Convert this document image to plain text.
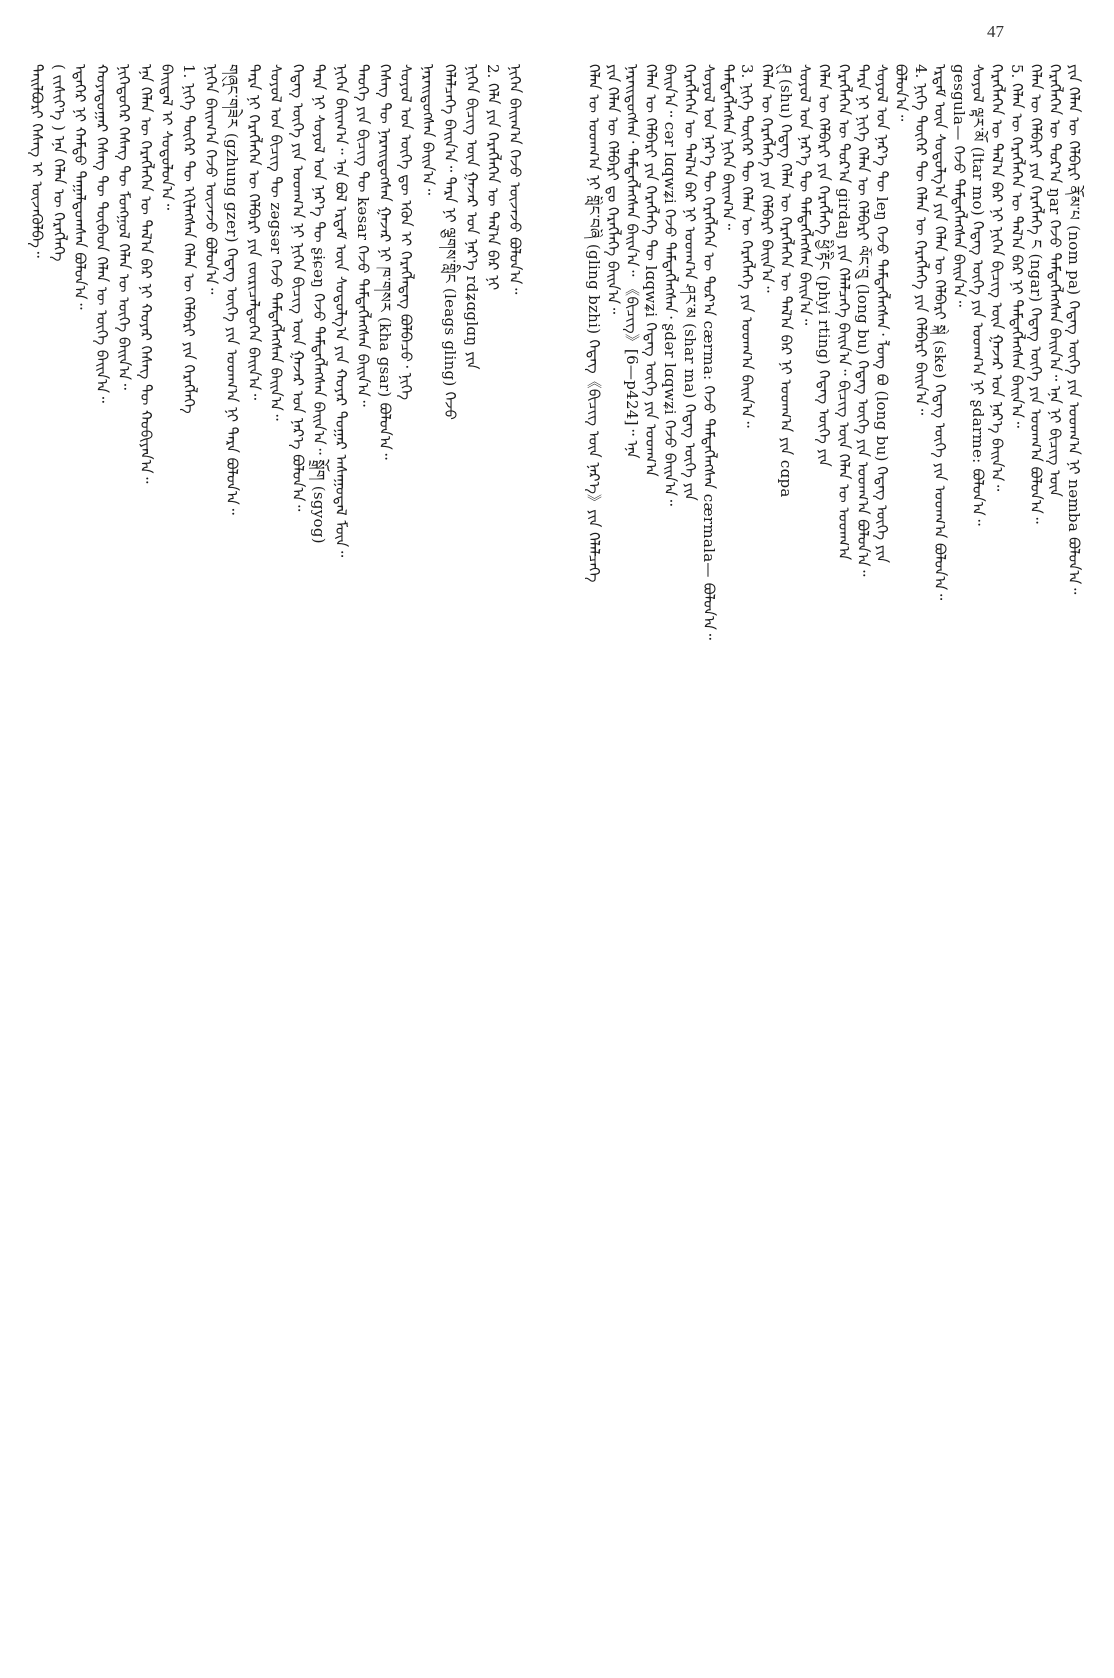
47
ᠨᠢᠭᠡᠨ ᠪᠠᠢᠭ᠎ᠠ ᠭᠡᠵᠦ ᠦᠵᠡᠵᠦ ᠪᠣᠯᠤᠨ᠎ᠠ᠃
2. ᠬᠡᠯᠡ ᠶᠢᠨ ᠬᠡᠷᠡᠭᠯᠡᠭᠡᠨ ᠦ ᠲᠠᠯ᠎ᠠ ᠪᠠᠷ ᠨᠢ
ᠨᠢᠭᠡᠨ ᠪᠢᠴᠢᠭ ᠦᠨ ᠭᠠᠵᠠᠷ ᠤᠨ ᠨᠡᠷ᠎ᠡ rdʑɑglɑŋ ᠶᠢᠨ
ᠬᠡᠯᠡᠯᠴᠡᠭᠡ ᠪᠠᠢᠨ᠎ᠠ᠃ ᠲᠡᠷᠡ ᠨᠢ ལྕགས་གླིང (leags gling) ᠭᠡᠵᠦ
ᠨᠡᠷᠡᠢᠳᠦᠭᠰᠡᠨ ᠪᠠᠢᠨ᠎ᠠ᠃
ᠰᠣᠶᠣᠯ ᠤᠨ ᠦᠭᠡ ᠳᠦ ᠡᠭᠦᠨ ᠢ ᠬᠡᠷᠡᠭᠯᠡᠳᠡᠭ ᠪᠣᠯᠪᠠᠴᠤ᠂ ᠨᠢᠭᠡ
ᠬᠡᠰᠡᠭ ᠲᠦ ᠨᠡᠷᠡᠢᠳᠦᠭᠰᠡᠨ ᠭᠠᠵᠠᠷ ᠨᠢ ཁ་གསར (kha gsar) ᠪᠣᠯᠤᠨ᠎ᠠ᠃
ᠲᠡᠦᠬᠡ ᠶᠢᠨ ᠪᠢᠴᠢᠭ ᠲᠦ kəsar ᠭᠡᠵᠦ ᠲᠡᠮᠳᠡᠭᠯᠡᠭᠰᠡᠨ ᠪᠠᠢᠨ᠎ᠠ᠃
ᠨᠢᠭᠡᠨ ᠪᠠᠢᠭ᠎ᠠ᠃ ᠡᠨᠡ ᠪᠣᠯ ᠡᠷᠳᠡᠮ ᠦᠨ ᠰᠤᠳᠤᠯᠭ᠎ᠠ ᠶᠢᠨ ᠬᠣᠶᠠᠷ ᠳᠤᠭᠠᠷ ᠠᠰᠠᠭᠤᠳᠠᠯ ᠮᠥᠨ᠃
ᠲᠡᠷᠡ ᠨᠢ ᠰᠣᠶᠣᠯ ᠤᠨ ᠨᠡᠷ᠎ᠡ ᠲᠦ ʂɨɕəŋ ᠭᠡᠵᠦ ᠲᠡᠮᠳᠡᠭᠯᠡᠭᠰᠡᠨ ᠪᠠᠢᠨ᠎ᠠ᠃ སྒྲོག (sgyog)
ᠭᠡᠳᠡᠭ ᠦᠭᠡ ᠶᠢᠨ ᠤᠳᠬ᠎ᠠ ᠨᠢ ᠨᠢᠭᠡᠨ ᠪᠢᠴᠢᠭ ᠦᠨ ᠭᠠᠵᠠᠷ ᠤᠨ ᠨᠡᠷ᠎ᠡ ᠪᠣᠯᠤᠨ᠎ᠠ᠃
ᠰᠣᠶᠣᠯ ᠤᠨ ᠪᠢᠴᠢᠭ ᠲᠦ zəgsər ᠭᠡᠵᠦ ᠲᠡᠮᠳᠡᠭᠯᠡᠭᠰᠡᠨ ᠪᠠᠢᠨ᠎ᠠ᠃
ᠲᠡᠷᠡ ᠨᠢ ᠬᠡᠷᠡᠭᠯᠡᠭᠡᠨ ᠦ ᠬᠡᠯᠪᠡᠷᠢ ᠶᠢᠨ ᠵᠥᠷᠢᠴᠡᠯᠳᠦᠭᠡᠨ ᠪᠠᠢᠨ᠎ᠠ᠃
གཞུང་གཟེར (gzhung gzer) ᠭᠡᠳᠡᠭ ᠦᠭᠡ ᠶᠢᠨ ᠤᠳᠬ᠎ᠠ ᠨᠢ ᠲᠡᠷᠡ ᠪᠣᠯᠤᠨ᠎ᠠ᠃
ᠨᠢᠭᠡᠨ ᠪᠠᠢᠭ᠎ᠠ ᠭᠡᠵᠦ ᠦᠵᠡᠵᠦ ᠪᠣᠯᠤᠨ᠎ᠠ᠃
1. ᠨᠢᠭᠡ ᠳᠦᠭᠡᠷ ᠲᠦ ᠡᠬᠢᠯᠡᠭᠰᠡᠨ ᠬᠡᠯᠡᠨ ᠦ ᠬᠡᠯᠪᠡᠷᠢ ᠶᠢᠨ ᠬᠡᠷᠡᠭᠯᠡᠭᠡ
ᠪᠠᠢᠳᠠᠯ ᠢ ᠰᠤᠳᠤᠯᠤᠨ᠎ᠠ᠃
ᠡᠨᠡ ᠬᠡᠯᠡᠨ ᠦ ᠬᠡᠷᠡᠭᠯᠡᠭᠡᠨ ᠦ ᠲᠠᠯ᠎ᠠ ᠪᠠᠷ ᠨᠢ ᠬᠣᠶᠠᠷ ᠬᠡᠰᠡᠭ ᠲᠦ ᠬᠤᠪᠢᠶᠠᠨ᠎ᠠ᠃
ᠨᠢᠭᠡᠳᠦᠭᠡᠷ ᠬᠡᠰᠡᠭ ᠲᠦ ᠮᠣᠩᠭᠣᠯ ᠬᠡᠯᠡᠨ ᠦ ᠦᠭᠡ ᠪᠠᠢᠨ᠎ᠠ᠃
ᠬᠣᠶᠠᠳᠤᠭᠠᠷ ᠬᠡᠰᠡᠭ ᠲᠦ ᠲᠥᠪᠡᠳ ᠬᠡᠯᠡᠨ ᠦ ᠦᠭᠡ ᠪᠠᠢᠨ᠎ᠠ᠃
ᠡᠳᠡᠭᠡᠷ ᠨᠢ ᠬᠠᠮᠲᠤ ᠳᠠᠭᠠᠯᠳᠤᠭᠰᠠᠨ ᠪᠣᠯᠤᠨ᠎ᠠ᠃
( ᠵᠢᠱᠢᠶ᠎ᠡ ) ᠡᠨᠡ ᠬᠡᠯᠡᠨ ᠦ ᠬᠡᠷᠡᠭᠯᠡᠭᠡ
ᠲᠠᠢᠯᠪᠤᠷᠢ ᠬᠡᠰᠡᠭ ᠢ ᠦᠵᠡᠭᠦᠯᠪᠡ᠃	ᠶᠢᠨ ᠬᠡᠯᠡᠨ ᠦ ᠬᠡᠯᠪᠡᠷᠢ ནོམ་པ (nom pa) ᠭᠡᠳᠡᠭ ᠦᠭᠡ ᠶᠢᠨ ᠤᠳᠬ᠎ᠠ ᠨᠢ nəmba ᠪᠣᠯᠤᠨ᠎ᠠ᠃
ᠬᠡᠷᠡᠭᠯᠡᠭᠡᠨ ᠦ ᠳᠤᠷ᠎ᠠ ŋar ᠭᠡᠵᠦ ᠲᠡᠮᠳᠡᠭᠯᠡᠭᠰᠡᠨ ᠪᠠᠢᠨ᠎ᠠ᠃ ᠡᠨᠡ ᠨᠢ ᠪᠢᠴᠢᠭ ᠦᠨ
ᠬᠡᠯᠡᠨ ᠦ ᠬᠡᠯᠪᠡᠷᠢ ᠶᠢᠨ ᠬᠡᠷᠡᠭᠯᠡᠭᠡ ང (ngar) ᠭᠡᠳᠡᠭ ᠦᠭᠡ ᠶᠢᠨ ᠤᠳᠬ᠎ᠠ ᠪᠣᠯᠤᠨ᠎ᠠ᠃
5. ᠬᠡᠯᠡᠨ ᠦ ᠬᠡᠷᠡᠭᠯᠡᠭᠡᠨ ᠦ ᠲᠠᠯ᠎ᠠ ᠪᠠᠷ ᠨᠢ ᠲᠡᠮᠳᠡᠭᠯᠡᠭᠰᠡᠨ ᠪᠠᠢᠨ᠎ᠠ᠃
ᠬᠡᠷᠡᠭᠯᠡᠭᠡᠨ ᠦ ᠲᠠᠯ᠎ᠠ ᠪᠠᠷ ᠨᠢ ᠨᠢᠭᠡᠨ ᠪᠢᠴᠢᠭ ᠦᠨ ᠭᠠᠵᠠᠷ ᠤᠨ ᠨᠡᠷ᠎ᠡ ᠪᠠᠢᠨ᠎ᠠ᠃
ᠰᠣᠶᠣᠯ ལྟར་མོ (ltar mo) ᠭᠡᠳᠡᠭ ᠦᠭᠡ ᠶᠢᠨ ᠤᠳᠬ᠎ᠠ ᠨᠢ ʂdarme: ᠪᠣᠯᠤᠨ᠎ᠠ᠃
gesgula— ᠭᠡᠵᠦ ᠲᠡᠮᠳᠡᠭᠯᠡᠭᠰᠡᠨ ᠪᠠᠢᠨ᠎ᠠ᠃
ᠡᠷᠳᠡᠮ ᠦᠨ ᠰᠤᠳᠤᠯᠭ᠎ᠠ ᠶᠢᠨ ᠬᠡᠯᠡᠨ ᠦ ᠬᠡᠯᠪᠡᠷᠢ སྐེ (ske) ᠭᠡᠳᠡᠭ ᠦᠭᠡ ᠶᠢᠨ ᠤᠳᠬ᠎ᠠ ᠪᠣᠯᠤᠨ᠎ᠠ᠃
4. ᠨᠢᠭᠡ ᠳᠦᠭᠡᠷ ᠲᠦ ᠬᠡᠯᠡᠨ ᠦ ᠬᠡᠷᠡᠭᠯᠡᠭᠡ ᠶᠢᠨ ᠬᠡᠯᠪᠡᠷᠢ ᠪᠠᠢᠨ᠎ᠠ᠃
ᠪᠣᠯᠤᠨ᠎ᠠ᠃
ᠰᠣᠶᠣᠯ ᠤᠨ ᠨᠡᠷ᠎ᠡ ᠲᠦ leŋ ᠭᠡᠵᠦ ᠲᠡᠮᠳᠡᠭᠯᠡᠭᠰᠡᠨ᠂ ᠯᠣᠩ ᠪᠤ (long bu) ᠭᠡᠳᠡᠭ ᠦᠭᠡ ᠶᠢᠨ
ᠲᠡᠷᠡ ᠨᠢ ᠨᠢᠭᠡ ᠬᠡᠯᠡᠨ ᠦ ᠬᠡᠯᠪᠡᠷᠢ ལོང་བུ (long bu) ᠭᠡᠳᠡᠭ ᠦᠭᠡ ᠶᠢᠨ ᠤᠳᠬ᠎ᠠ ᠪᠣᠯᠤᠨ᠎ᠠ᠃
ᠬᠡᠷᠡᠭᠯᠡᠭᠡᠨ ᠦ ᠳᠤᠷ᠎ᠠ girdaŋ ᠶᠢᠨ ᠬᠡᠯᠡᠯᠴᠡᠭᠡ ᠪᠠᠢᠨ᠎ᠠ᠃ ᠪᠢᠴᠢᠭ ᠦᠨ ᠬᠡᠯᠡᠨ ᠦ ᠤᠳᠬ᠎ᠠ
ᠬᠡᠯᠡᠨ ᠦ ᠬᠡᠯᠪᠡᠷᠢ ᠶᠢᠨ ᠬᠡᠷᠡᠭᠯᠡᠭᠡ ཕྱི་རྟིང (phyi rting) ᠭᠡᠳᠡᠭ ᠦᠭᠡ ᠶᠢᠨ
ᠰᠣᠶᠣᠯ ᠤᠨ ᠨᠡᠷ᠎ᠡ ᠲᠦ ᠲᠡᠮᠳᠡᠭᠯᠡᠭᠰᠡᠨ ᠪᠠᠢᠨ᠎ᠠ᠃
ཤུ (shu) ᠭᠡᠳᠡᠭ ᠬᠡᠯᠡᠨ ᠦ ᠬᠡᠷᠡᠭᠯᠡᠭᠡᠨ ᠦ ᠲᠠᠯ᠎ᠠ ᠪᠠᠷ ᠨᠢ ᠤᠳᠬ᠎ᠠ ᠶᠢᠨ cɑpa
ᠬᠡᠯᠡᠨ ᠦ ᠬᠡᠷᠡᠭᠯᠡᠭᠡ ᠶᠢᠨ ᠬᠡᠯᠪᠡᠷᠢ ᠪᠠᠢᠨ᠎ᠠ᠃
3. ᠨᠢᠭᠡ ᠳᠦᠭᠡᠷ ᠲᠦ ᠬᠡᠯᠡᠨ ᠦ ᠬᠡᠷᠡᠭᠯᠡᠭᠡ ᠶᠢᠨ ᠤᠳᠬ᠎ᠠ ᠪᠠᠢᠨ᠎ᠠ᠃
ᠲᠡᠮᠳᠡᠭᠯᠡᠭᠰᠡᠨ ᠨᠢᠭᠡᠨ ᠪᠠᠢᠭ᠎ᠠ᠃
ᠰᠣᠶᠣᠯ ᠤᠨ ᠨᠡᠷ᠎ᠡ ᠲᠦ ᠬᠡᠷᠡᠭᠯᠡᠭᠡᠨ ᠦ ᠳᠤᠷ᠎ᠠ cærma: ᠭᠡᠵᠦ ᠲᠡᠮᠳᠡᠭᠯᠡᠭᠰᠡᠨ cærmala— ᠪᠣᠯᠤᠨ᠎ᠠ᠃
ᠬᠡᠷᠡᠭᠯᠡᠭᠡᠨ ᠦ ᠲᠠᠯ᠎ᠠ ᠪᠠᠷ ᠨᠢ ᠤᠳᠬ᠎ᠠ ཤར་མ (shar ma) ᠭᠡᠳᠡᠭ ᠦᠭᠡ ᠶᠢᠨ
ᠪᠠᠢᠨ᠎ᠠ᠃ cər lɑqwʑi ᠭᠡᠵᠦ ᠲᠡᠮᠳᠡᠭᠯᠡᠭᠰᠡᠨ᠂ ʂdər lɑqwʑi ᠭᠡᠵᠦ ᠪᠠᠢᠨ᠎ᠠ᠃
ᠬᠡᠯᠡᠨ ᠦ ᠬᠡᠯᠪᠡᠷᠢ ᠶᠢᠨ ᠬᠡᠷᠡᠭᠯᠡᠭᠡ ᠲᠦ lɑqwʑi ᠭᠡᠳᠡᠭ ᠦᠭᠡ ᠶᠢᠨ ᠤᠳᠬ᠎ᠠ
ᠨᠡᠷᠡᠢᠳᠦᠭᠰᠡᠨ᠂ ᠲᠡᠮᠳᠡᠭᠯᠡᠭᠰᠡᠨ ᠪᠠᠢᠨ᠎ᠠ᠃ 《ᠪᠢᠴᠢᠭ》[6—p424]᠃ ᠡᠨᠡ
ᠶᠢᠨ ᠬᠡᠯᠡᠨ ᠦ ᠬᠡᠯᠪᠡᠷᠢ ᠳᠤ ᠬᠡᠷᠡᠭᠯᠡᠭᠡ ᠪᠠᠢᠨ᠎ᠠ᠃
ᠬᠡᠯᠡᠨ ᠦ ᠤᠳᠬ᠎ᠠ ᠨᠢ གླིང་བཞི (gling bzhi) ᠭᠡᠳᠡᠭ《ᠪᠢᠴᠢᠭ ᠦᠨ ᠨᠡᠷ᠎ᠡ》ᠶᠢᠨ ᠬᠡᠯᠡᠯᠴᠡᠭᠡ
